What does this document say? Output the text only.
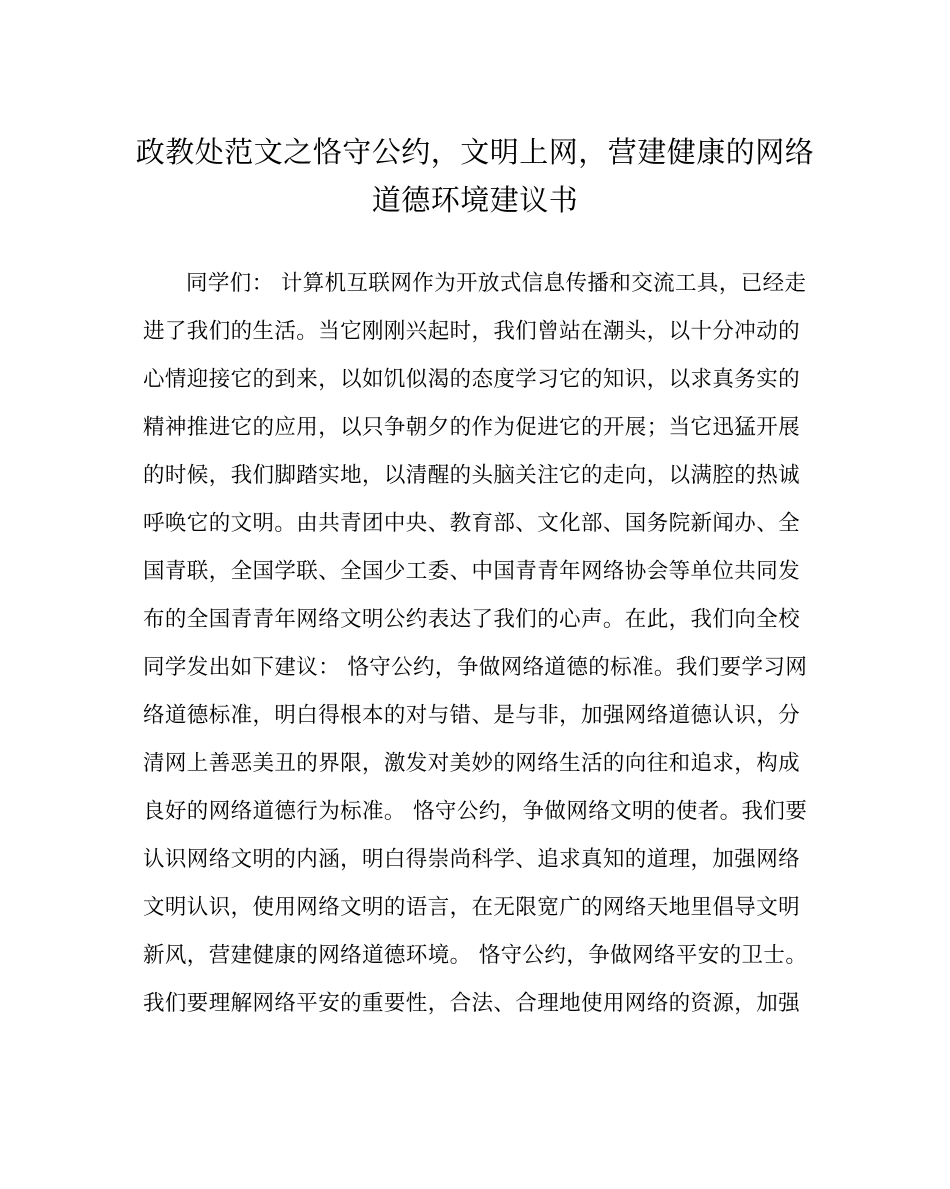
政教处范文之恪守公约，文明上网，营建健康的网络
道德环境建议书
同学们： 计算机互联网作为开放式信息传播和交流工具，已经走
进了我们的生活。当它刚刚兴起时，我们曾站在潮头，以十分冲动的
心情迎接它的到来，以如饥似渴的态度学习它的知识，以求真务实的
精神推进它的应用，以只争朝夕的作为促进它的开展；当它迅猛开展
的时候，我们脚踏实地，以清醒的头脑关注它的走向，以满腔的热诚
呼唤它的文明。由共青团中央、教育部、文化部、国务院新闻办、全
国青联，全国学联、全国少工委、中国青青年网络协会等单位共同发
布的全国青青年网络文明公约表达了我们的心声。在此，我们向全校
同学发出如下建议： 恪守公约，争做网络道德的标准。我们要学习网
络道德标准，明白得根本的对与错、是与非，加强网络道德认识，分
清网上善恶美丑的界限，激发对美妙的网络生活的向往和追求，构成
良好的网络道德行为标准。 恪守公约，争做网络文明的使者。我们要
认识网络文明的内涵，明白得崇尚科学、追求真知的道理，加强网络
文明认识，使用网络文明的语言，在无限宽广的网络天地里倡导文明
新风，营建健康的网络道德环境。 恪守公约，争做网络平安的卫士。
我们要理解网络平安的重要性，合法、合理地使用网络的资源，加强
